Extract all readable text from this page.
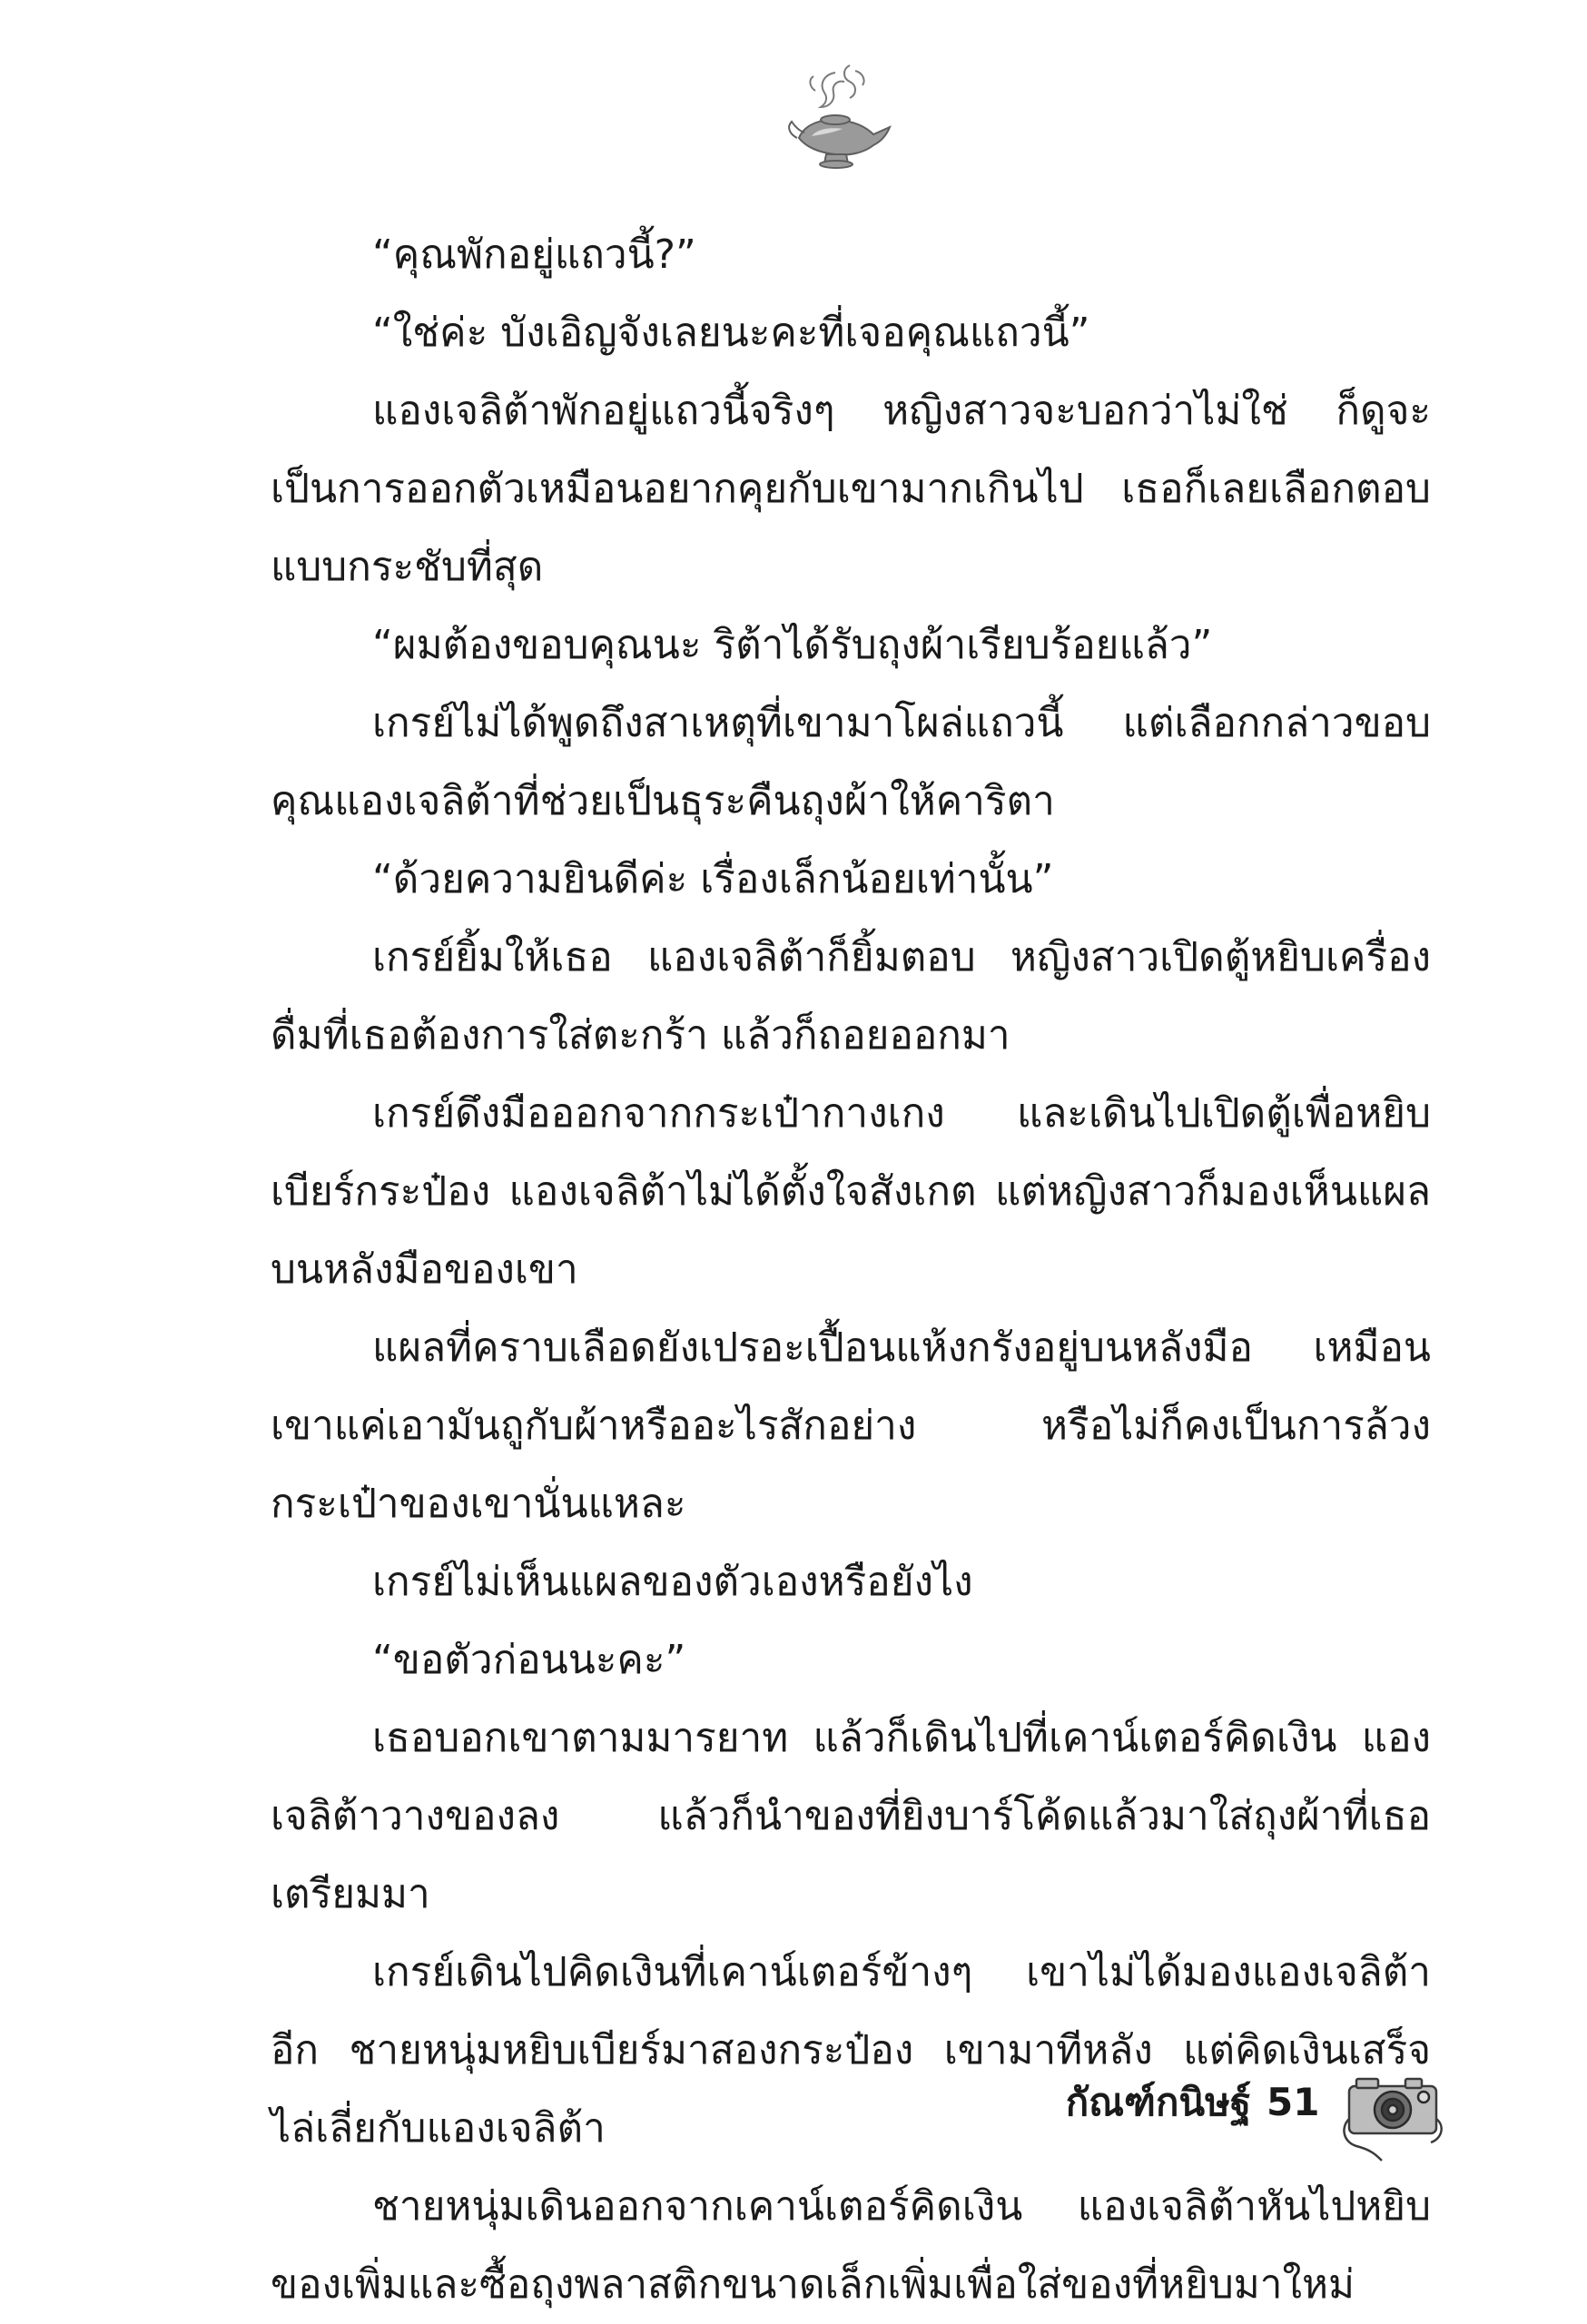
“คุณพักอยู่แถวนี้?”

“ใช่ค่ะ บังเอิญจังเลยนะคะที่เจอคุณแถวนี้”

แองเจลิต้าพักอยู่แถวนี้จริงๆ หญิงสาวจะบอกว่าไม่ใช่ ก็ดูจะเป็นการออกตัวเหมือนอยากคุยกับเขามากเกินไป เธอก็เลยเลือกตอบแบบกระชับที่สุด

“ผมต้องขอบคุณนะ ริต้าได้รับถุงผ้าเรียบร้อยแล้ว”

เกรย์ไม่ได้พูดถึงสาเหตุที่เขามาโผล่แถวนี้ แต่เลือกกล่าวขอบคุณแองเจลิต้าที่ช่วยเป็นธุระคืนถุงผ้าให้คาริตา

“ด้วยความยินดีค่ะ เรื่องเล็กน้อยเท่านั้น”

เกรย์ยิ้มให้เธอ แองเจลิต้าก็ยิ้มตอบ หญิงสาวเปิดตู้หยิบเครื่องดื่มที่เธอต้องการใส่ตะกร้า แล้วก็ถอยออกมา

เกรย์ดึงมือออกจากกระเป๋ากางเกง และเดินไปเปิดตู้เพื่อหยิบเบียร์กระป๋อง แองเจลิต้าไม่ได้ตั้งใจสังเกต แต่หญิงสาวก็มองเห็นแผลบนหลังมือของเขา

แผลที่คราบเลือดยังเปรอะเปื้อนแห้งกรังอยู่บนหลังมือ เหมือนเขาแค่เอามันถูกับผ้าหรืออะไรสักอย่าง หรือไม่ก็คงเป็นการล้วงกระเป๋าของเขานั่นแหละ

เกรย์ไม่เห็นแผลของตัวเองหรือยังไง

“ขอตัวก่อนนะคะ”

เธอบอกเขาตามมารยาท แล้วก็เดินไปที่เคาน์เตอร์คิดเงิน แองเจลิต้าวางของลง แล้วก็นำของที่ยิงบาร์โค้ดแล้วมาใส่ถุงผ้าที่เธอเตรียมมา

เกรย์เดินไปคิดเงินที่เคาน์เตอร์ข้างๆ เขาไม่ได้มองแองเจลิต้าอีก ชายหนุ่มหยิบเบียร์มาสองกระป๋อง เขามาทีหลัง แต่คิดเงินเสร็จไล่เลี่ยกับแองเจลิต้า

ชายหนุ่มเดินออกจากเคาน์เตอร์คิดเงิน แองเจลิต้าหันไปหยิบของเพิ่มและซื้อถุงพลาสติกขนาดเล็กเพิ่มเพื่อใส่ของที่หยิบมาใหม่

กัณฑ์กนิษฐ์ 51
